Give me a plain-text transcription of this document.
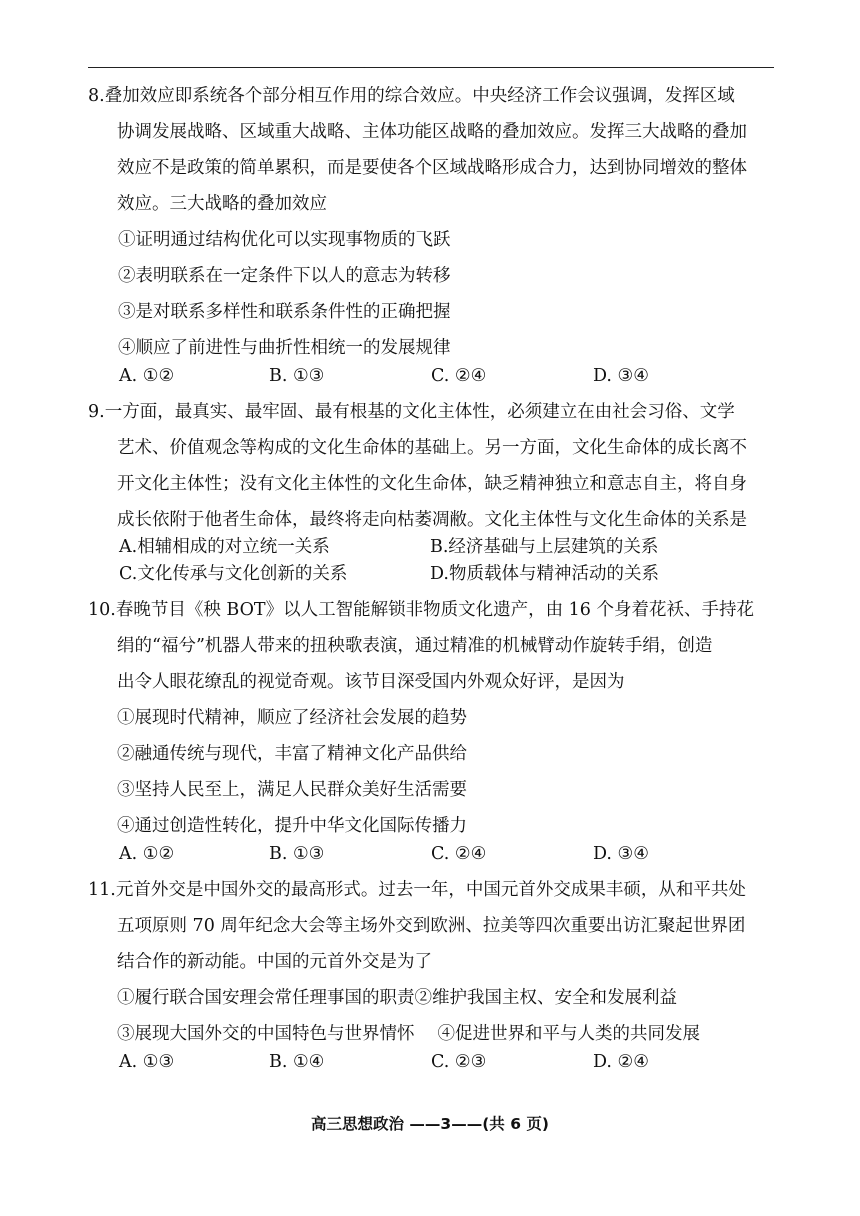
8.叠加效应即系统各个部分相互作用的综合效应。中央经济工作会议强调，发挥区域
协调发展战略、区域重大战略、主体功能区战略的叠加效应。发挥三大战略的叠加
效应不是政策的简单累积，而是要使各个区域战略形成合力，达到协同增效的整体
效应。三大战略的叠加效应
①证明通过结构优化可以实现事物质的飞跃
②表明联系在一定条件下以人的意志为转移
③是对联系多样性和联系条件性的正确把握
④顺应了前进性与曲折性相统一的发展规律
A. ①②	B. ①③	C. ②④	D. ③④
9.一方面，最真实、最牢固、最有根基的文化主体性，必须建立在由社会习俗、文学
艺术、价值观念等构成的文化生命体的基础上。另一方面，文化生命体的成长离不
开文化主体性；没有文化主体性的文化生命体，缺乏精神独立和意志自主，将自身
成长依附于他者生命体，最终将走向枯萎凋敝。文化主体性与文化生命体的关系是
A.相辅相成的对立统一关系	B.经济基础与上层建筑的关系
C.文化传承与文化创新的关系	D.物质载体与精神活动的关系
10.春晚节目《秧 BOT》以人工智能解锁非物质文化遗产，由 16 个身着花袄、手持花
绢的“福兮”机器人带来的扭秧歌表演，通过精准的机械臂动作旋转手绢，创造
出令人眼花缭乱的视觉奇观。该节目深受国内外观众好评，是因为
①展现时代精神，顺应了经济社会发展的趋势
②融通传统与现代，丰富了精神文化产品供给
③坚持人民至上，满足人民群众美好生活需要
④通过创造性转化，提升中华文化国际传播力
A. ①②	B. ①③	C. ②④	D. ③④
11.元首外交是中国外交的最高形式。过去一年，中国元首外交成果丰硕，从和平共处
五项原则 70 周年纪念大会等主场外交到欧洲、拉美等四次重要出访汇聚起世界团
结合作的新动能。中国的元首外交是为了
①履行联合国安理会常任理事国的职责②维护我国主权、安全和发展利益
③展现大国外交的中国特色与世界情怀　 ④促进世界和平与人类的共同发展
A. ①③	B. ①④	C. ②③	D. ②④
高三思想政治 ——3——(共 6 页)
